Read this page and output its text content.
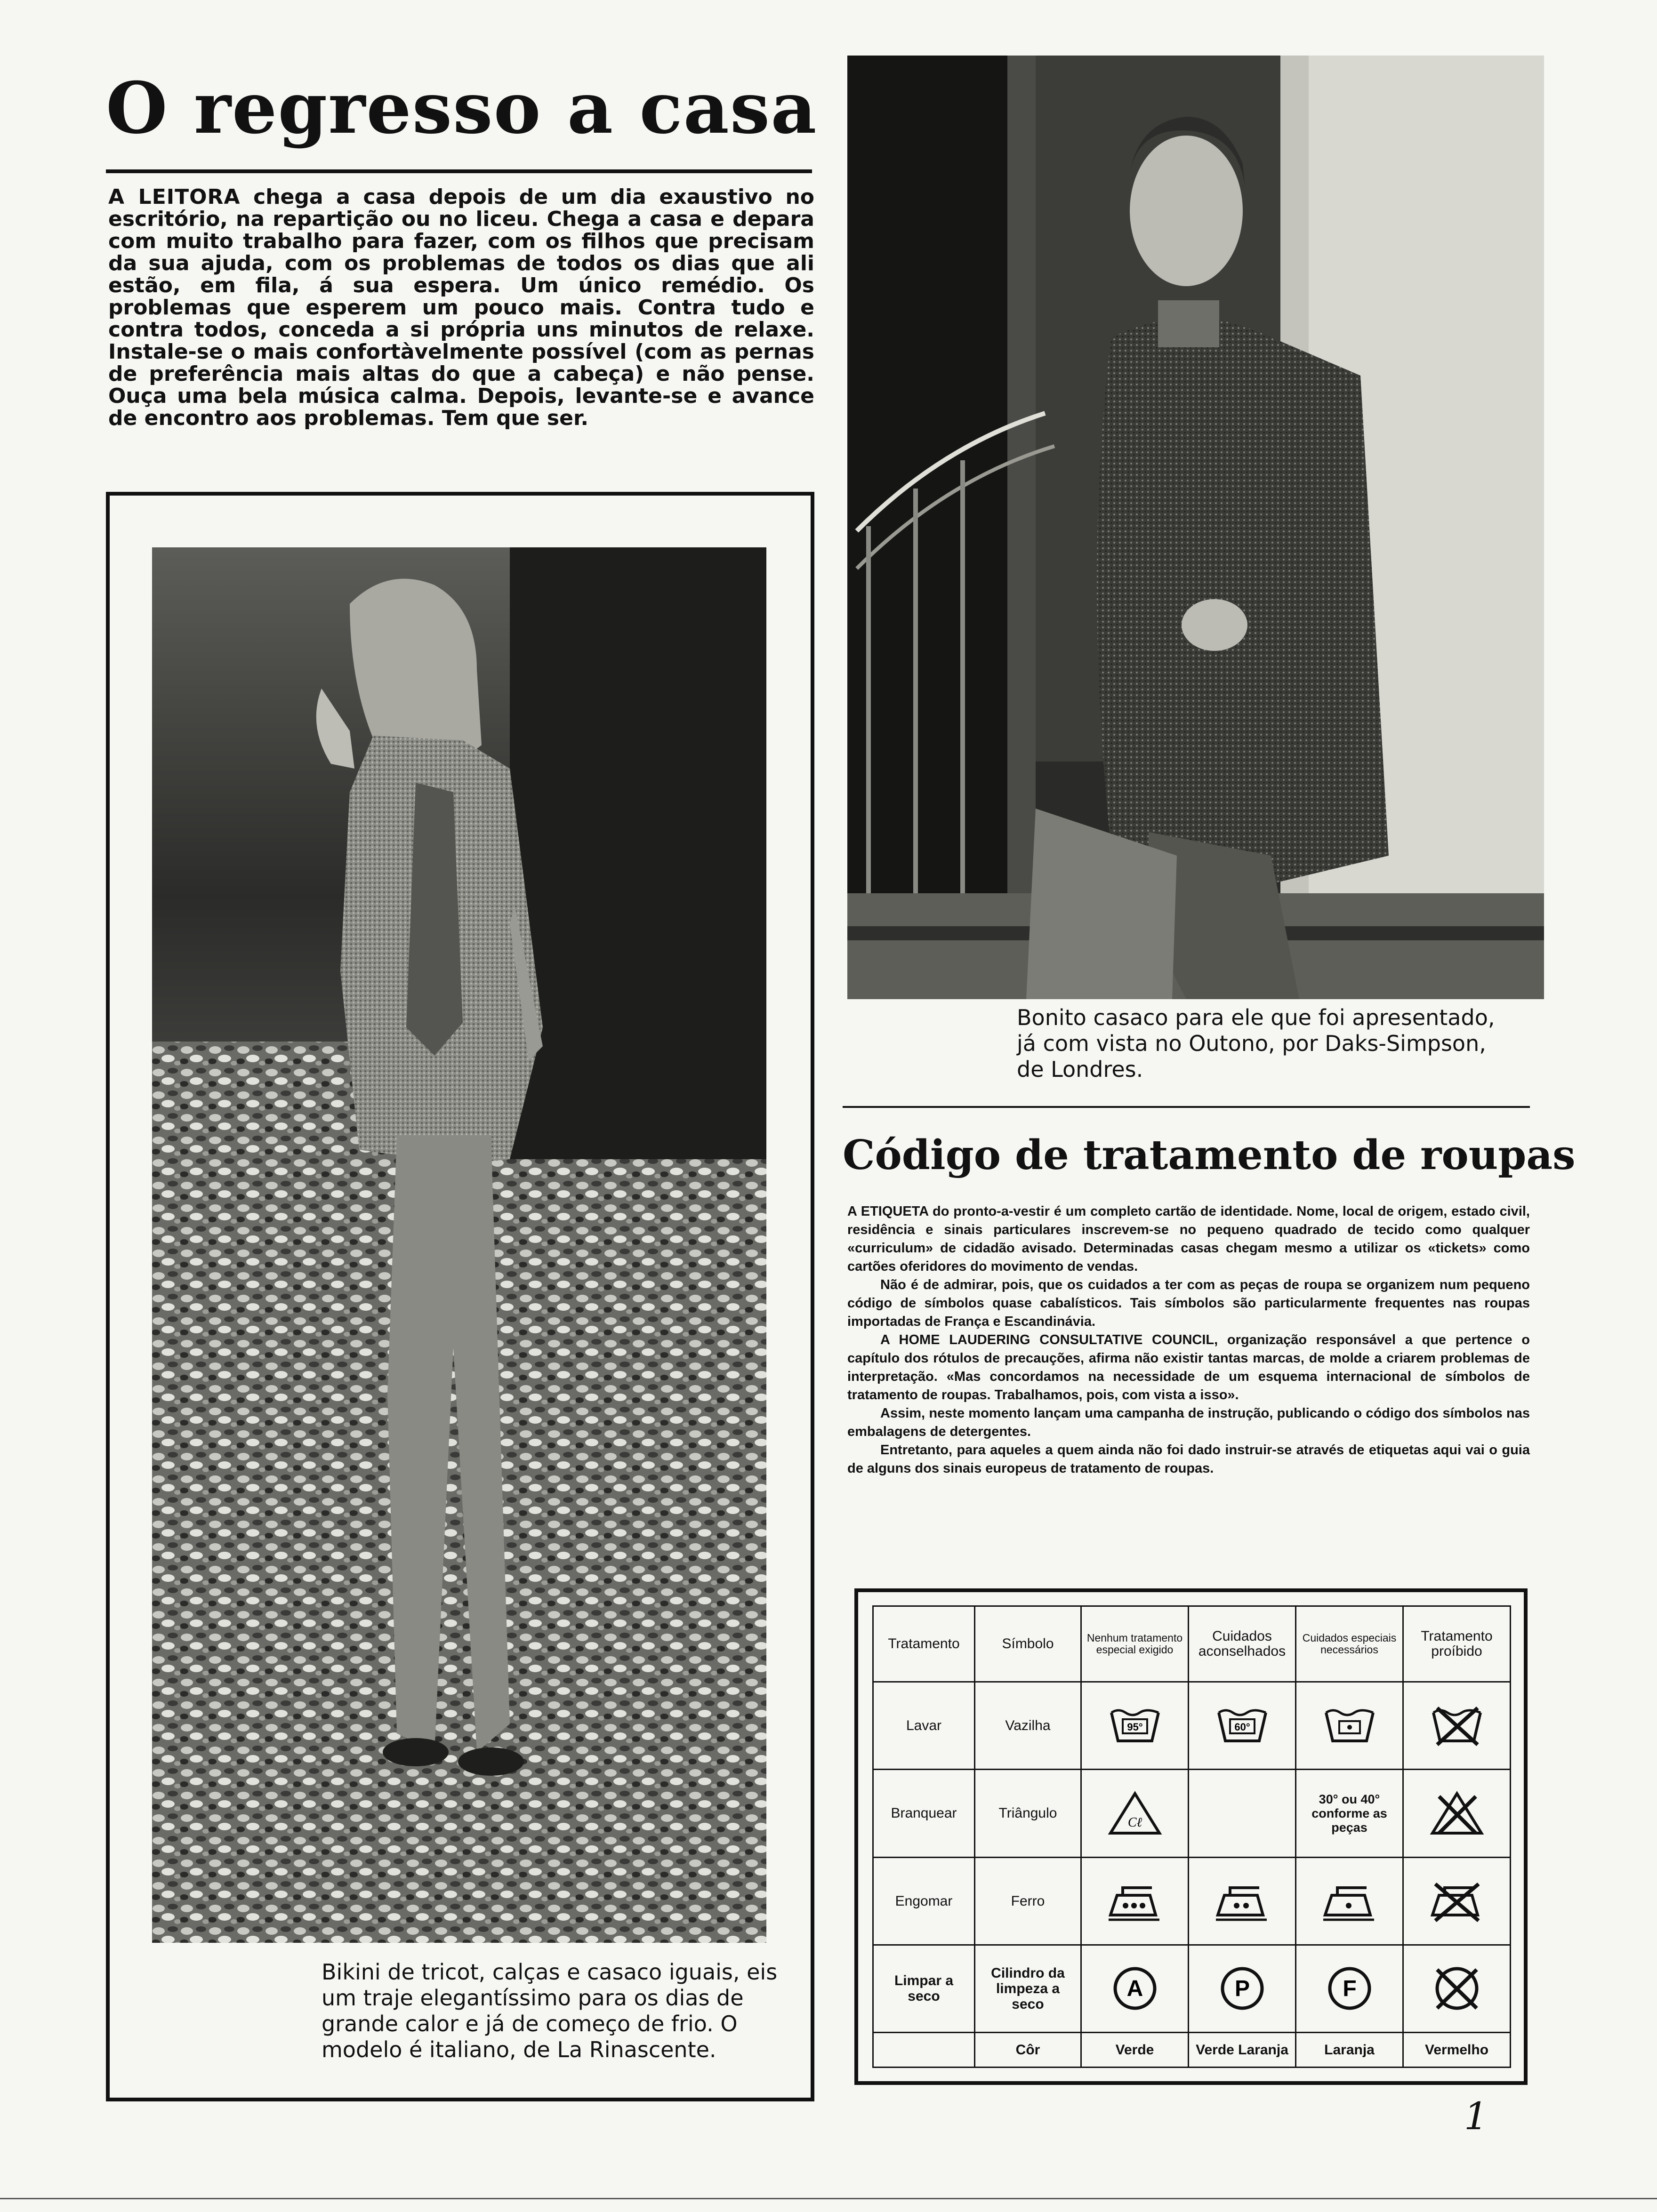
O regresso a casa
A LEITORA chega a casa depois de um dia exaustivo no escritório, na repartição ou no liceu. Chega a casa e depara com muito trabalho para fazer, com os filhos que precisam da sua ajuda, com os problemas de todos os dias que ali estão, em fila, á sua espera. Um único remédio. Os problemas que esperem um pouco mais. Contra tudo e contra todos, conceda a si própria uns minutos de relaxe. Instale-se o mais confortàvelmente possível (com as pernas de preferência mais altas do que a cabeça) e não pense. Ouça uma bela música calma. Depois, levante-se e avance de encontro aos problemas. Tem que ser.
Bikini de tricot, calças e casaco iguais, eis um traje elegantíssimo para os dias de grande calor e já de começo de frio. O modelo é italiano, de La Rinascente.
Bonito casaco para ele que foi apresentado, já com vista no Outono, por Daks-Simpson, de Londres.
Código de tratamento de roupas

A ETIQUETA do pronto-a-vestir é um completo cartão de identidade. Nome, local de origem, estado civil, residência e sinais particulares inscrevem-se no pequeno quadrado de tecido como qualquer «curriculum» de cidadão avisado. Determinadas casas chegam mesmo a utilizar os «tickets» como cartões oferidores do movimento de vendas.

Não é de admirar, pois, que os cuidados a ter com as peças de roupa se organizem num pequeno código de símbolos quase cabalísticos. Tais símbolos são particularmente frequentes nas roupas importadas de França e Escandinávia.

A HOME LAUDERING CONSULTATIVE COUNCIL, organização responsável a que pertence o capítulo dos rótulos de precauções, afirma não existir tantas marcas, de molde a criarem problemas de interpretação. «Mas concordamos na necessidade de um esquema internacional de símbolos de tratamento de roupas. Trabalhamos, pois, com vista a isso».

Assim, neste momento lançam uma campanha de instrução, publicando o código dos símbolos nas embalagens de detergentes.

Entretanto, para aqueles a quem ainda não foi dado instruir-se através de etiquetas aqui vai o guia de alguns dos sinais europeus de tratamento de roupas.

Tratamento	Símbolo	Nenhum tratamento especial exigido	Cuidados aconselhados	Cuidados especiais necessários	Tratamento proíbido
Lavar	Vazilha	95°	60°

Branquear	Triângulo	Cℓ		30° ou 40° conforme as peças	
Engomar	Ferro				
Limpar a seco	Cilindro da limpeza a seco	A	P	F

	Côr	Verde	Verde Laranja	Laranja	Vermelho
1
